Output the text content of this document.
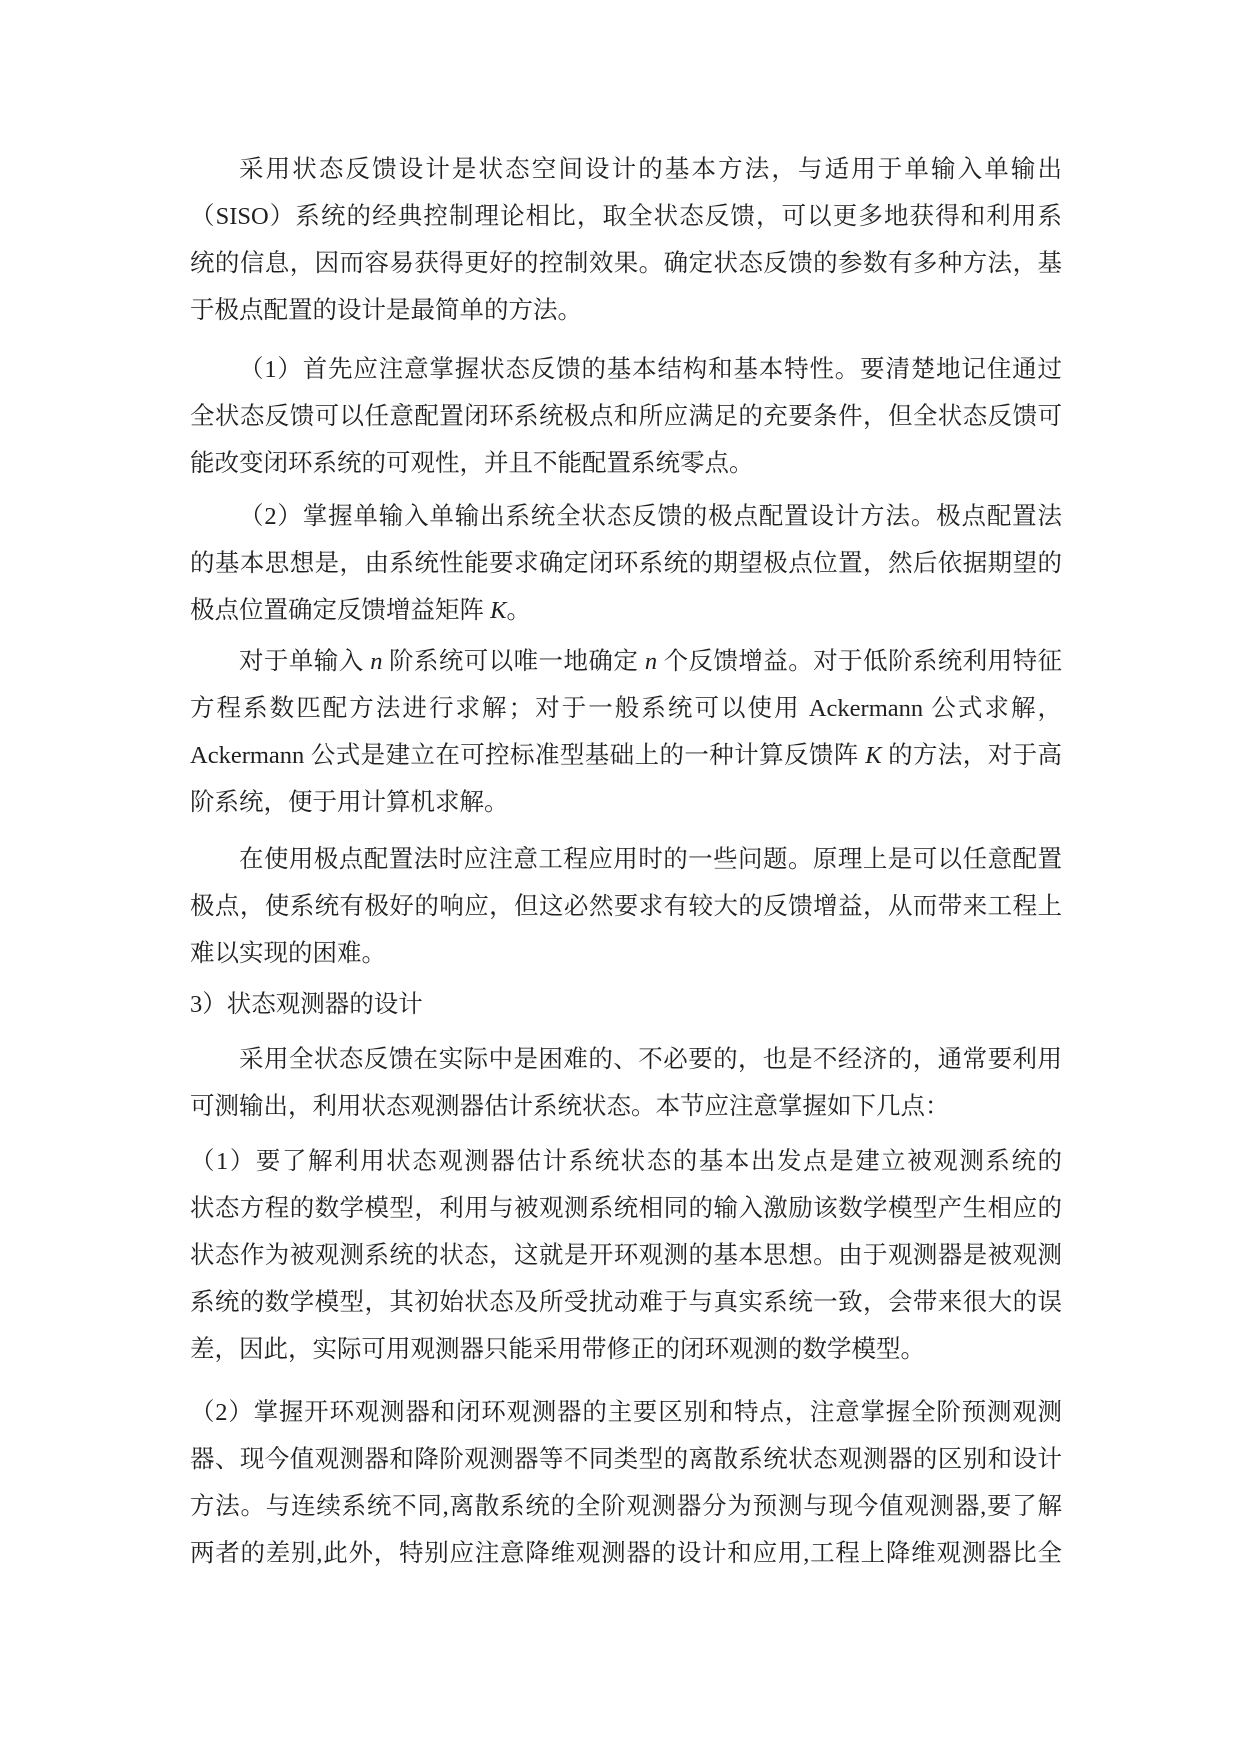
采用状态反馈设计是状态空间设计的基本方法，与适用于单输入单输出
（SISO）系统的经典控制理论相比，取全状态反馈，可以更多地获得和利用系
统的信息，因而容易获得更好的控制效果。确定状态反馈的参数有多种方法，基
于极点配置的设计是最简单的方法。
（1）首先应注意掌握状态反馈的基本结构和基本特性。要清楚地记住通过
全状态反馈可以任意配置闭环系统极点和所应满足的充要条件，但全状态反馈可
能改变闭环系统的可观性，并且不能配置系统零点。
（2）掌握单输入单输出系统全状态反馈的极点配置设计方法。极点配置法
的基本思想是，由系统性能要求确定闭环系统的期望极点位置，然后依据期望的
极点位置确定反馈增益矩阵 K。
对于单输入 n 阶系统可以唯一地确定 n 个反馈增益。对于低阶系统利用特征
方程系数匹配方法进行求解；对于一般系统可以使用 Ackermann 公式求解，
Ackermann 公式是建立在可控标准型基础上的一种计算反馈阵 K 的方法，对于高
阶系统，便于用计算机求解。
在使用极点配置法时应注意工程应用时的一些问题。原理上是可以任意配置
极点，使系统有极好的响应，但这必然要求有较大的反馈增益，从而带来工程上
难以实现的困难。
3）状态观测器的设计
采用全状态反馈在实际中是困难的、不必要的，也是不经济的，通常要利用
可测输出，利用状态观测器估计系统状态。本节应注意掌握如下几点：
（1）要了解利用状态观测器估计系统状态的基本出发点是建立被观测系统的
状态方程的数学模型，利用与被观测系统相同的输入激励该数学模型产生相应的
状态作为被观测系统的状态，这就是开环观测的基本思想。由于观测器是被观测
系统的数学模型，其初始状态及所受扰动难于与真实系统一致，会带来很大的误
差，因此，实际可用观测器只能采用带修正的闭环观测的数学模型。
（2）掌握开环观测器和闭环观测器的主要区别和特点，注意掌握全阶预测观测
器、现今值观测器和降阶观测器等不同类型的离散系统状态观测器的区别和设计
方法。与连续系统不同,离散系统的全阶观测器分为预测与现今值观测器,要了解
两者的差别,此外，特别应注意降维观测器的设计和应用,工程上降维观测器比全
